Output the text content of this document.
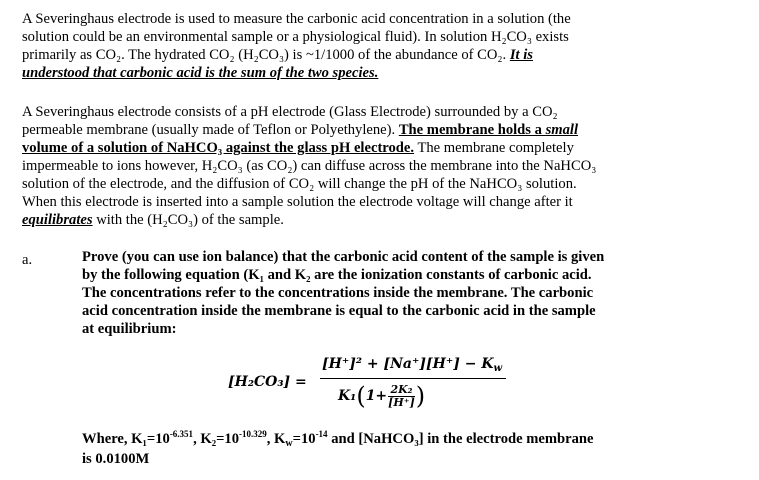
A Severinghaus electrode is used to measure the carbonic acid concentration in a solution (the
solution could be an environmental sample or a physiological fluid). In solution H₂CO₃ exists
primarily as CO₂. The hydrated CO₂ (H₂CO₃) is ~1/1000 of the abundance of CO₂. It is
understood that carbonic acid is the sum of the two species.
A Severinghaus electrode consists of a pH electrode (Glass Electrode) surrounded by a CO₂
permeable membrane (usually made of Teflon or Polyethylene). The membrane holds a small
volume of a solution of NaHCO₃ against the glass pH electrode. The membrane completely
impermeable to ions however, H₂CO₃ (as CO₂) can diffuse across the membrane into the NaHCO₃
solution of the electrode, and the diffusion of CO₂ will change the pH of the NaHCO₃ solution.
When this electrode is inserted into a sample solution the electrode voltage will change after it
equilibrates with the (H₂CO₃) of the sample.
a.	Prove (you can use ion balance) that the carbonic acid content of the sample is given
by the following equation (K₁ and K₂ are the ionization constants of carbonic acid.
The concentrations refer to the concentrations inside the membrane. The carbonic
acid concentration inside the membrane is equal to the carbonic acid in the sample
at equilibrium:
[H₂CO₃] =
$[H^+]^2 + [Na^+][H^+] - K_w$
$K_1(1+ \frac{\text{2K₂}}{[H^+]}$ )
Where, $K_1=10^{-6.351}$, $K_2=10^{-10.329}$, $K_w=10^{-14}$ and [NaHCO₃] in the electrode membrane
is 0.0100M
